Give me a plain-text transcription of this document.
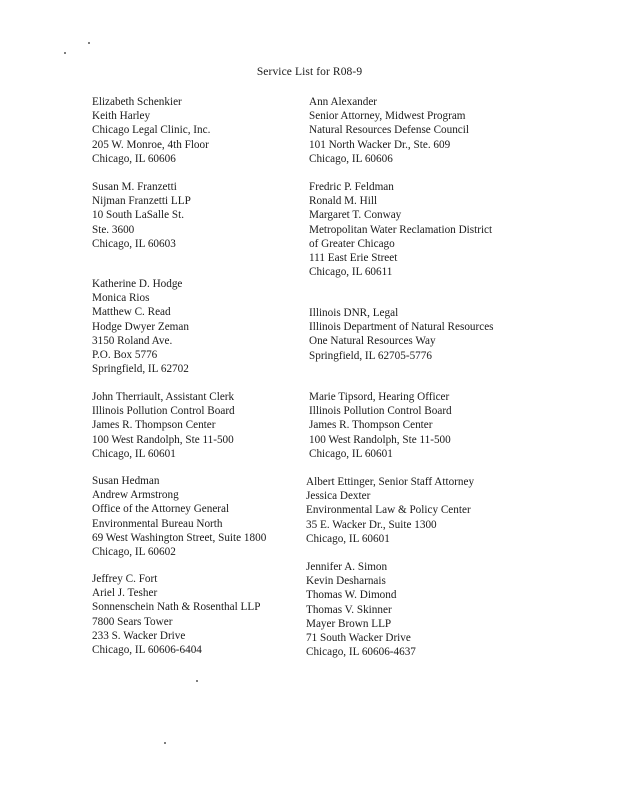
Service List for R08-9
Elizabeth Schenkier
Keith Harley
Chicago Legal Clinic, Inc.
205 W. Monroe, 4th Floor
Chicago, IL 60606
Susan M. Franzetti
Nijman Franzetti LLP
10 South LaSalle St.
Ste. 3600
Chicago, IL 60603
Katherine D. Hodge
Monica Rios
Matthew C. Read
Hodge Dwyer Zeman
3150 Roland Ave.
P.O. Box 5776
Springfield, IL 62702
John Therriault, Assistant Clerk
Illinois Pollution Control Board
James R. Thompson Center
100 West Randolph, Ste 11-500
Chicago, IL 60601
Susan Hedman
Andrew Armstrong
Office of the Attorney General
Environmental Bureau North
69 West Washington Street, Suite 1800
Chicago, IL 60602
Jeffrey C. Fort
Ariel J. Tesher
Sonnenschein Nath & Rosenthal LLP
7800 Sears Tower
233 S. Wacker Drive
Chicago, IL 60606-6404
Ann Alexander
Senior Attorney, Midwest Program
Natural Resources Defense Council
101 North Wacker Dr., Ste. 609
Chicago, IL 60606
Fredric P. Feldman
Ronald M. Hill
Margaret T. Conway
Metropolitan Water Reclamation District
of Greater Chicago
111 East Erie Street
Chicago, IL 60611
Illinois DNR, Legal
Illinois Department of Natural Resources
One Natural Resources Way
Springfield, IL 62705-5776
Marie Tipsord, Hearing Officer
Illinois Pollution Control Board
James R. Thompson Center
100 West Randolph, Ste 11-500
Chicago, IL 60601
Albert Ettinger, Senior Staff Attorney
Jessica Dexter
Environmental Law & Policy Center
35 E. Wacker Dr., Suite 1300
Chicago, IL 60601
Jennifer A. Simon
Kevin Desharnais
Thomas W. Dimond
Thomas V. Skinner
Mayer Brown LLP
71 South Wacker Drive
Chicago, IL 60606-4637
